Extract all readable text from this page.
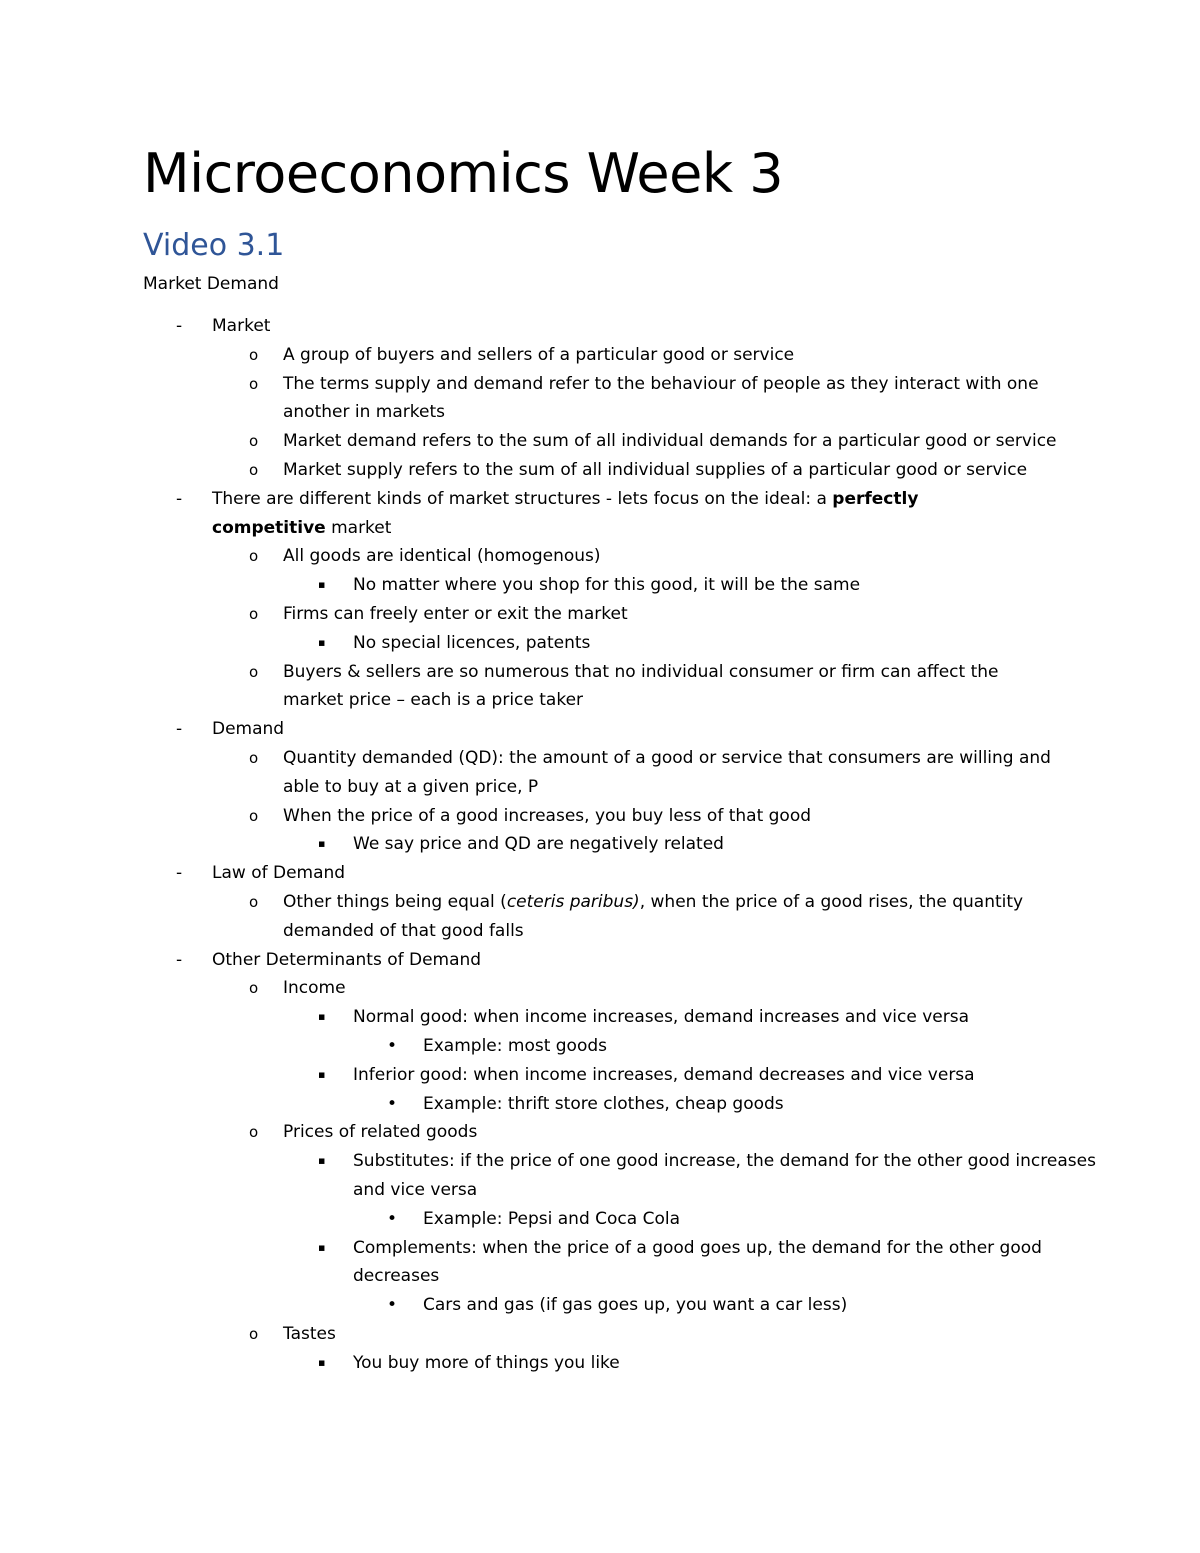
Microeconomics Week 3
Video 3.1

Market Demand

- Market
o A group of buyers and sellers of a particular good or service
o The terms supply and demand refer to the behaviour of people as they interact with one another in markets
o Market demand refers to the sum of all individual demands for a particular good or service
o Market supply refers to the sum of all individual supplies of a particular good or service
- There are different kinds of market structures - lets focus on the ideal: a perfectly competitive market
o All goods are identical (homogenous)
▪ No matter where you shop for this good, it will be the same
o Firms can freely enter or exit the market
▪ No special licences, patents
o Buyers & sellers are so numerous that no individual consumer or firm can affect the market price – each is a price taker
- Demand
o Quantity demanded (QD): the amount of a good or service that consumers are willing and able to buy at a given price, P
o When the price of a good increases, you buy less of that good
▪ We say price and QD are negatively related
- Law of Demand
o Other things being equal (ceteris paribus), when the price of a good rises, the quantity demanded of that good falls
- Other Determinants of Demand
o Income
▪ Normal good: when income increases, demand increases and vice versa
• Example: most goods
▪ Inferior good: when income increases, demand decreases and vice versa
• Example: thrift store clothes, cheap goods
o Prices of related goods
▪ Substitutes: if the price of one good increase, the demand for the other good increases and vice versa
• Example: Pepsi and Coca Cola
▪ Complements: when the price of a good goes up, the demand for the other good decreases
• Cars and gas (if gas goes up, you want a car less)
o Tastes
▪ You buy more of things you like
